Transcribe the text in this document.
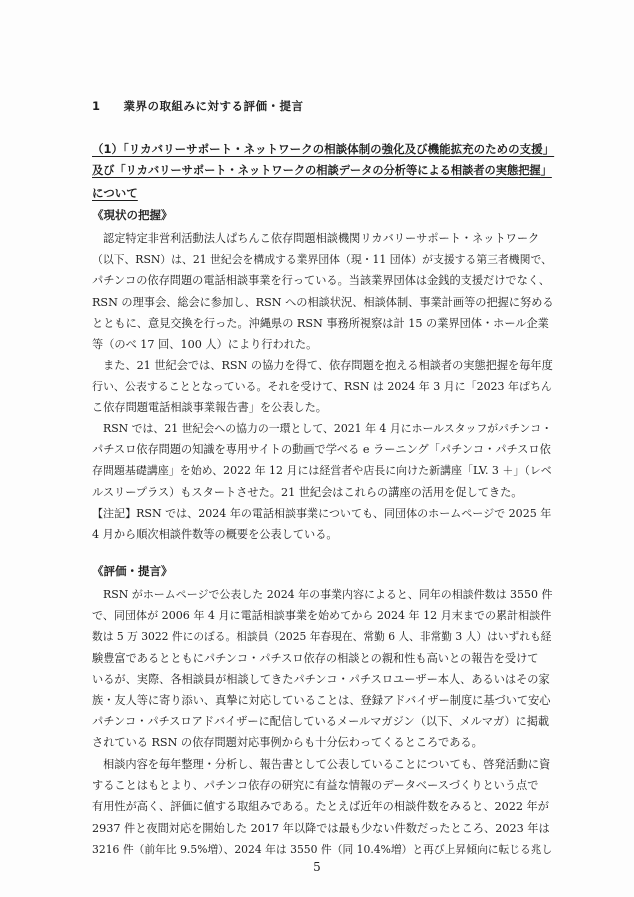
1 業界の取組みに対する評価・提言
（1）「リカバリーサポート・ネットワークの相談体制の強化及び機能拡充のための支援」
及び「リカバリーサポート・ネットワークの相談データの分析等による相談者の実態把握」
について
《現状の把握》
認定特定非営利活動法人ぱちんこ依存問題相談機関リカバリーサポート・ネットワーク
（以下、RSN）は、21 世紀会を構成する業界団体（現・11 団体）が支援する第三者機関で、
パチンコの依存問題の電話相談事業を行っている。当該業界団体は金銭的支援だけでなく、
RSN の理事会、総会に参加し、RSN への相談状況、相談体制、事業計画等の把握に努める
とともに、意見交換を行った。沖縄県の RSN 事務所視察は計 15 の業界団体・ホール企業
等（のべ 17 回、100 人）により行われた。
また、21 世紀会では、RSN の協力を得て、依存問題を抱える相談者の実態把握を毎年度
行い、公表することとなっている。それを受けて、RSN は 2024 年 3 月に「2023 年ぱちん
こ依存問題電話相談事業報告書」を公表した。
RSN では、21 世紀会への協力の一環として、2021 年 4 月にホールスタッフがパチンコ・
パチスロ依存問題の知識を専用サイトの動画で学べる e ラーニング「パチンコ・パチスロ依
存問題基礎講座」を始め、2022 年 12 月には経営者や店長に向けた新講座「LV. 3 ＋」（レベ
ルスリープラス）もスタートさせた。21 世紀会はこれらの講座の活用を促してきた。
【注記】RSN では、2024 年の電話相談事業についても、同団体のホームページで 2025 年
4 月から順次相談件数等の概要を公表している。
《評価・提言》
RSN がホームページで公表した 2024 年の事業内容によると、同年の相談件数は 3550 件
で、同団体が 2006 年 4 月に電話相談事業を始めてから 2024 年 12 月末までの累計相談件
数は 5 万 3022 件にのぼる。相談員（2025 年春現在、常勤 6 人、非常勤 3 人）はいずれも経
験豊富であるとともにパチンコ・パチスロ依存の相談との親和性も高いとの報告を受けて
いるが、実際、各相談員が相談してきたパチンコ・パチスロユーザー本人、あるいはその家
族・友人等に寄り添い、真摯に対応していることは、登録アドバイザー制度に基づいて安心
パチンコ・パチスロアドバイザーに配信しているメールマガジン（以下、メルマガ）に掲載
されている RSN の依存問題対応事例からも十分伝わってくるところである。
相談内容を毎年整理・分析し、報告書として公表していることについても、啓発活動に資
することはもとより、パチンコ依存の研究に有益な情報のデータベースづくりという点で
有用性が高く、評価に値する取組みである。たとえば近年の相談件数をみると、2022 年が
2937 件と夜間対応を開始した 2017 年以降では最も少ない件数だったところ、2023 年は
3216 件（前年比 9.5%増）、2024 年は 3550 件（同 10.4%増）と再び上昇傾向に転じる兆し
5
